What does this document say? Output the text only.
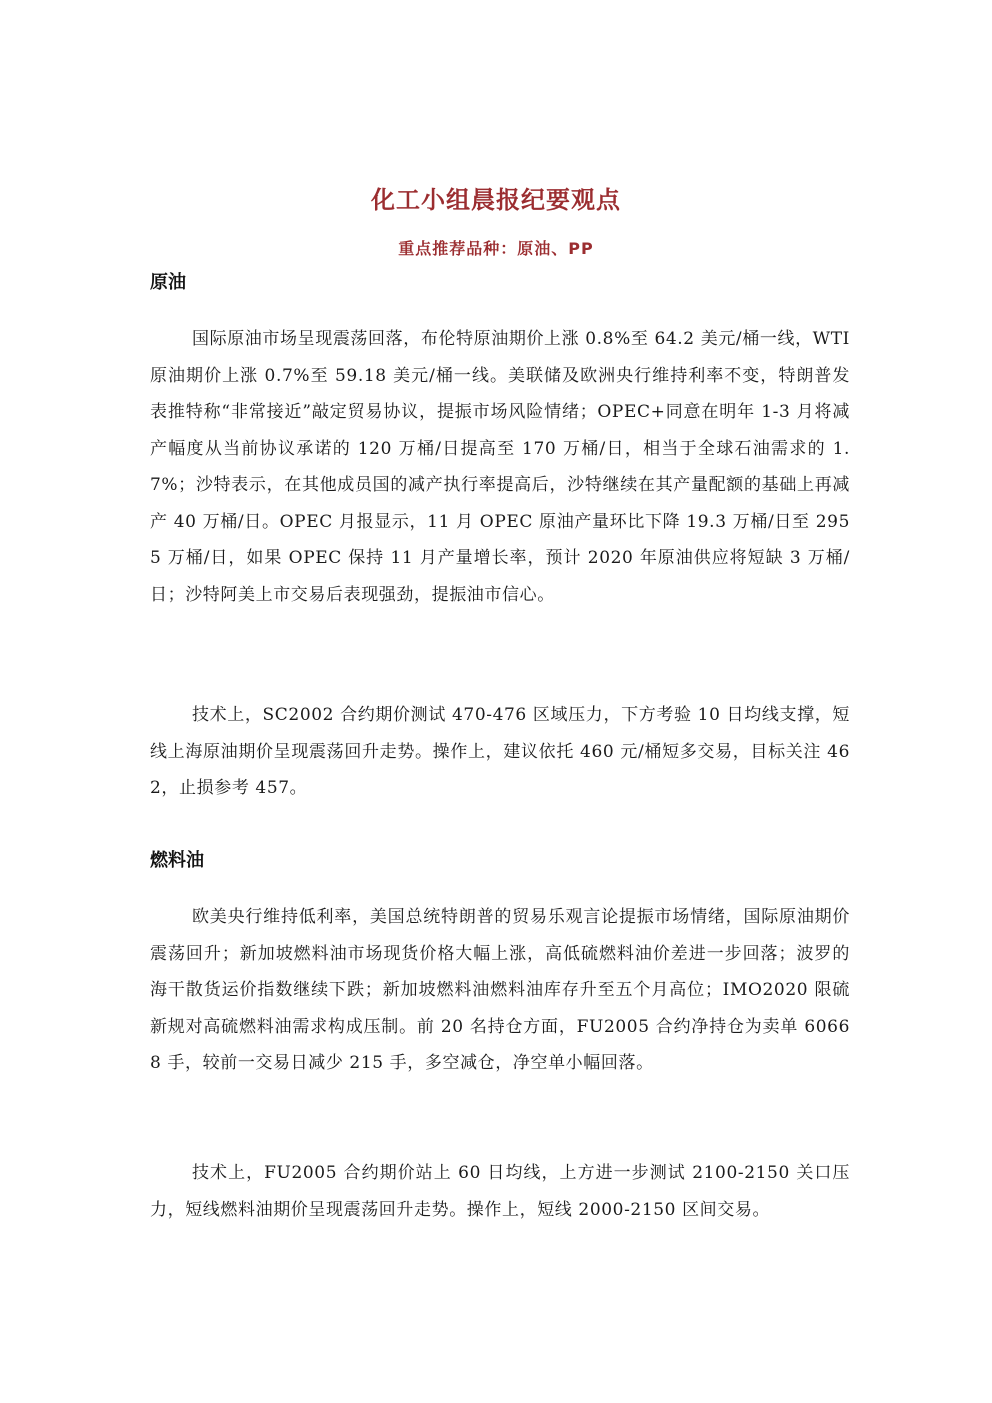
化工小组晨报纪要观点
重点推荐品种：原油、PP
原油
国际原油市场呈现震荡回落，布伦特原油期价上涨 0.8%至 64.2 美元/桶一线，WTI 原油期价上涨 0.7%至 59.18 美元/桶一线。美联储及欧洲央行维持利率不变，特朗普发表推特称“非常接近”敲定贸易协议，提振市场风险情绪；OPEC+同意在明年 1-3 月将减产幅度从当前协议承诺的 120 万桶/日提高至 170 万桶/日，相当于全球石油需求的 1.7%；沙特表示，在其他成员国的减产执行率提高后，沙特继续在其产量配额的基础上再减产 40 万桶/日。OPEC 月报显示，11 月 OPEC 原油产量环比下降 19.3 万桶/日至 2955 万桶/日，如果 OPEC 保持 11 月产量增长率，预计 2020 年原油供应将短缺 3 万桶/日；沙特阿美上市交易后表现强劲，提振油市信心。
技术上，SC2002 合约期价测试 470-476 区域压力，下方考验 10 日均线支撑，短线上海原油期价呈现震荡回升走势。操作上，建议依托 460 元/桶短多交易，目标关注 462，止损参考 457。
燃料油
欧美央行维持低利率，美国总统特朗普的贸易乐观言论提振市场情绪，国际原油期价震荡回升；新加坡燃料油市场现货价格大幅上涨，高低硫燃料油价差进一步回落；波罗的海干散货运价指数继续下跌；新加坡燃料油燃料油库存升至五个月高位；IMO2020 限硫新规对高硫燃料油需求构成压制。前 20 名持仓方面，FU2005 合约净持仓为卖单 60668 手，较前一交易日减少 215 手，多空减仓，净空单小幅回落。
技术上，FU2005 合约期价站上 60 日均线，上方进一步测试 2100-2150 关口压力，短线燃料油期价呈现震荡回升走势。操作上，短线 2000-2150 区间交易。
